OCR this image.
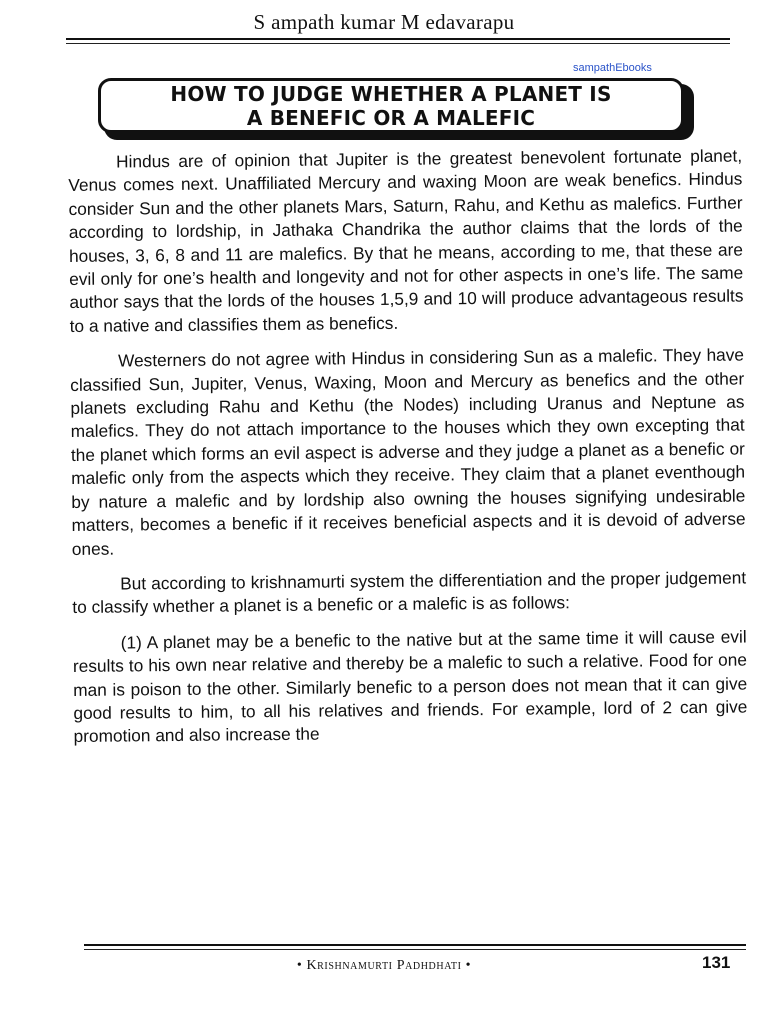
S ampath kumar M edavarapu
sampathEbooks
HOW TO JUDGE WHETHER A PLANET IS
A BENEFIC OR A MALEFIC

Hindus are of opinion that Jupiter is the greatest benevolent fortunate planet, Venus comes next. Unaffiliated Mercury and waxing Moon are weak benefics. Hindus consider Sun and the other planets Mars, Saturn, Rahu, and Kethu as malefics. Further according to lordship, in Jathaka Chandrika the author claims that the lords of the houses, 3, 6, 8 and 11 are malefics. By that he means, according to me, that these are evil only for one’s health and longevity and not for other aspects in one’s life. The same author says that the lords of the houses 1,5,9 and 10 will produce advantageous results to a native and classifies them as benefics.

Westerners do not agree with Hindus in considering Sun as a malefic. They have classified Sun, Jupiter, Venus, Waxing, Moon and Mercury as benefics and the other planets excluding Rahu and Kethu (the Nodes) including Uranus and Neptune as malefics. They do not attach importance to the houses which they own excepting that the planet which forms an evil aspect is adverse and they judge a planet as a benefic or malefic only from the aspects which they receive. They claim that a planet eventhough by nature a malefic and by lordship also owning the houses signifying undesirable matters, becomes a benefic if it receives beneficial aspects and it is devoid of adverse ones.

But according to krishnamurti system the differentiation and the proper judgement to classify whether a planet is a benefic or a malefic is as follows:

(1) A planet may be a benefic to the native but at the same time it will cause evil results to his own near relative and thereby be a malefic to such a relative. Food for one man is poison to the other. Similarly benefic to a person does not mean that it can give good results to him, to all his relatives and friends. For example, lord of 2 can give promotion and also increase the

• Krishnamurti Padhdhati •	131
